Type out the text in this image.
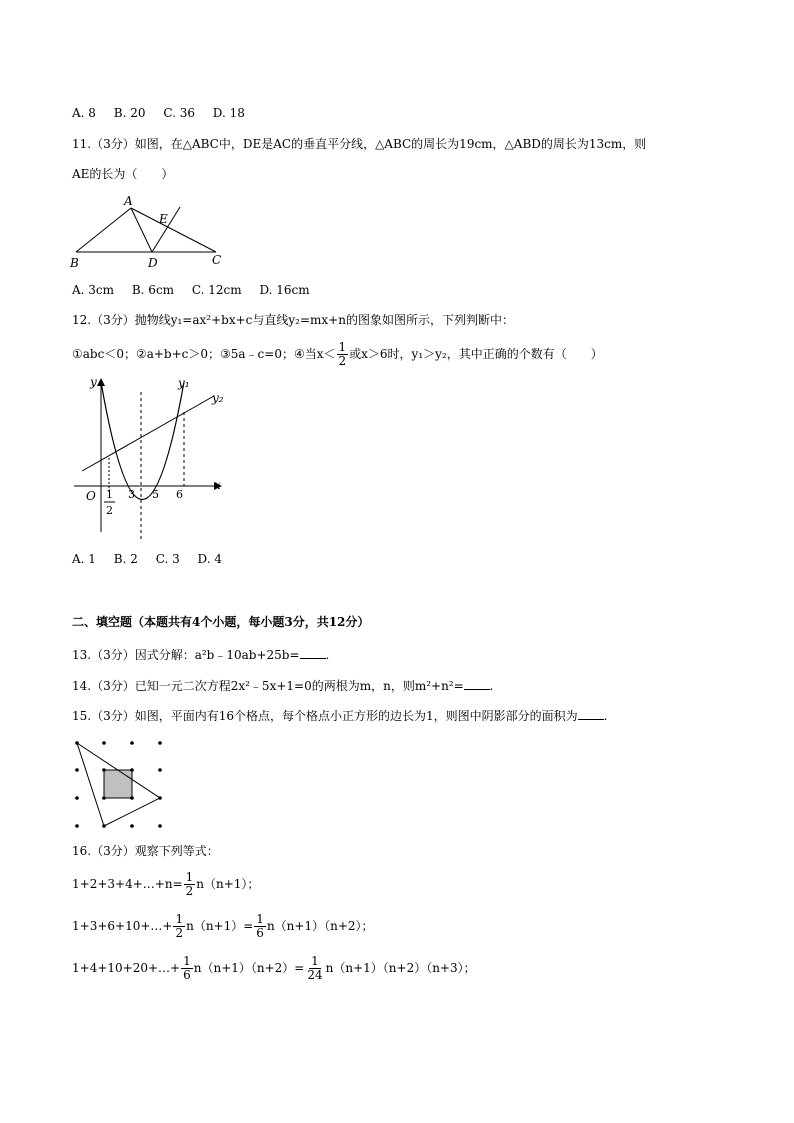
A. 8 B. 20 C. 36 D. 18
11.（3分）如图，在△ABC中，DE是AC的垂直平分线，△ABC的周长为19cm，△ABD的周长为13cm，则
AE的长为（　　）
A
B	C
D
E
A. 3cm B. 6cm C. 12cm D. 16cm
12.（3分）抛物线y₁=ax²+bx+c与直线y₂=mx+n的图象如图所示，下列判断中：
①abc＜0；②a+b+c＞0；③5a﹣c=0；④当$x< \frac{1}{2}$ 或x＞6时，y₁＞y₂，其中正确的个数有（　　）
y
x
O
y₁
y₂
3 5 6
1
2
A. 1 B. 2 C. 3 D. 4
二、填空题（本题共有4个小题，每小题3分，共12分）
13.（3分）因式分解：a²b﹣10ab+25b= .
14.（3分）已知一元二次方程2x²﹣5x+1=0的两根为m，n，则m²+n²= .
15.（3分）如图，平面内有16个格点，每个格点小正方形的边长为1，则图中阴影部分的面积为 .
16.（3分）观察下列等式：
1+2+3+4+…+n= $\frac{1}{2} n(n+1)$；
1+3+6+10+…+ $\frac{1}{2} n(n+1)= \frac{1}{6} n(n+1)(n+2)$；
1+4+10+20+…+ $\frac{1}{6} n(n+1)(n+2)= \frac{1}{24} n(n+1)(n+2)(n+3)$；
